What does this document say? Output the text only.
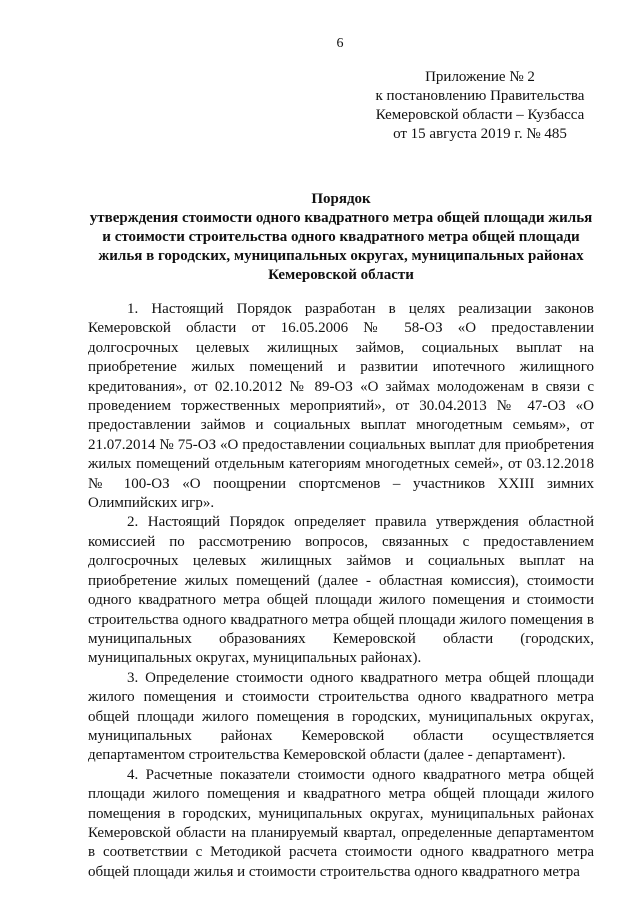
6
Приложение № 2
к постановлению Правительства
Кемеровской области – Кузбасса
от 15 августа 2019 г. № 485
Порядок
утверждения стоимости одного квадратного метра общей площади жилья и стоимости строительства одного квадратного метра общей площади жилья в городских, муниципальных округах, муниципальных районах Кемеровской области

1. Настоящий Порядок разработан в целях реализации законов Кемеровской области от 16.05.2006 № 58-ОЗ «О предоставлении долгосрочных целевых жилищных займов, социальных выплат на приобретение жилых помещений и развитии ипотечного жилищного кредитования», от 02.10.2012 № 89-ОЗ «О займах молодоженам в связи с проведением торжественных мероприятий», от 30.04.2013 № 47-ОЗ «О предоставлении займов и социальных выплат многодетным семьям», от 21.07.2014 № 75-ОЗ «О предоставлении социальных выплат для приобретения жилых помещений отдельным категориям многодетных семей», от 03.12.2018 № 100-ОЗ «О поощрении спортсменов – участников XXIII зимних Олимпийских игр».

2. Настоящий Порядок определяет правила утверждения областной комиссией по рассмотрению вопросов, связанных с предоставлением долгосрочных целевых жилищных займов и социальных выплат на приобретение жилых помещений (далее - областная комиссия), стоимости одного квадратного метра общей площади жилого помещения и стоимости строительства одного квадратного метра общей площади жилого помещения в муниципальных образованиях Кемеровской области (городских, муниципальных округах, муниципальных районах).

3. Определение стоимости одного квадратного метра общей площади жилого помещения и стоимости строительства одного квадратного метра общей площади жилого помещения в городских, муниципальных округах, муниципальных районах Кемеровской области осуществляется департаментом строительства Кемеровской области (далее - департамент).

4. Расчетные показатели стоимости одного квадратного метра общей площади жилого помещения и квадратного метра общей площади жилого помещения в городских, муниципальных округах, муниципальных районах Кемеровской области на планируемый квартал, определенные департаментом в соответствии с Методикой расчета стоимости одного квадратного метра общей площади жилья и стоимости строительства одного квадратного метра
